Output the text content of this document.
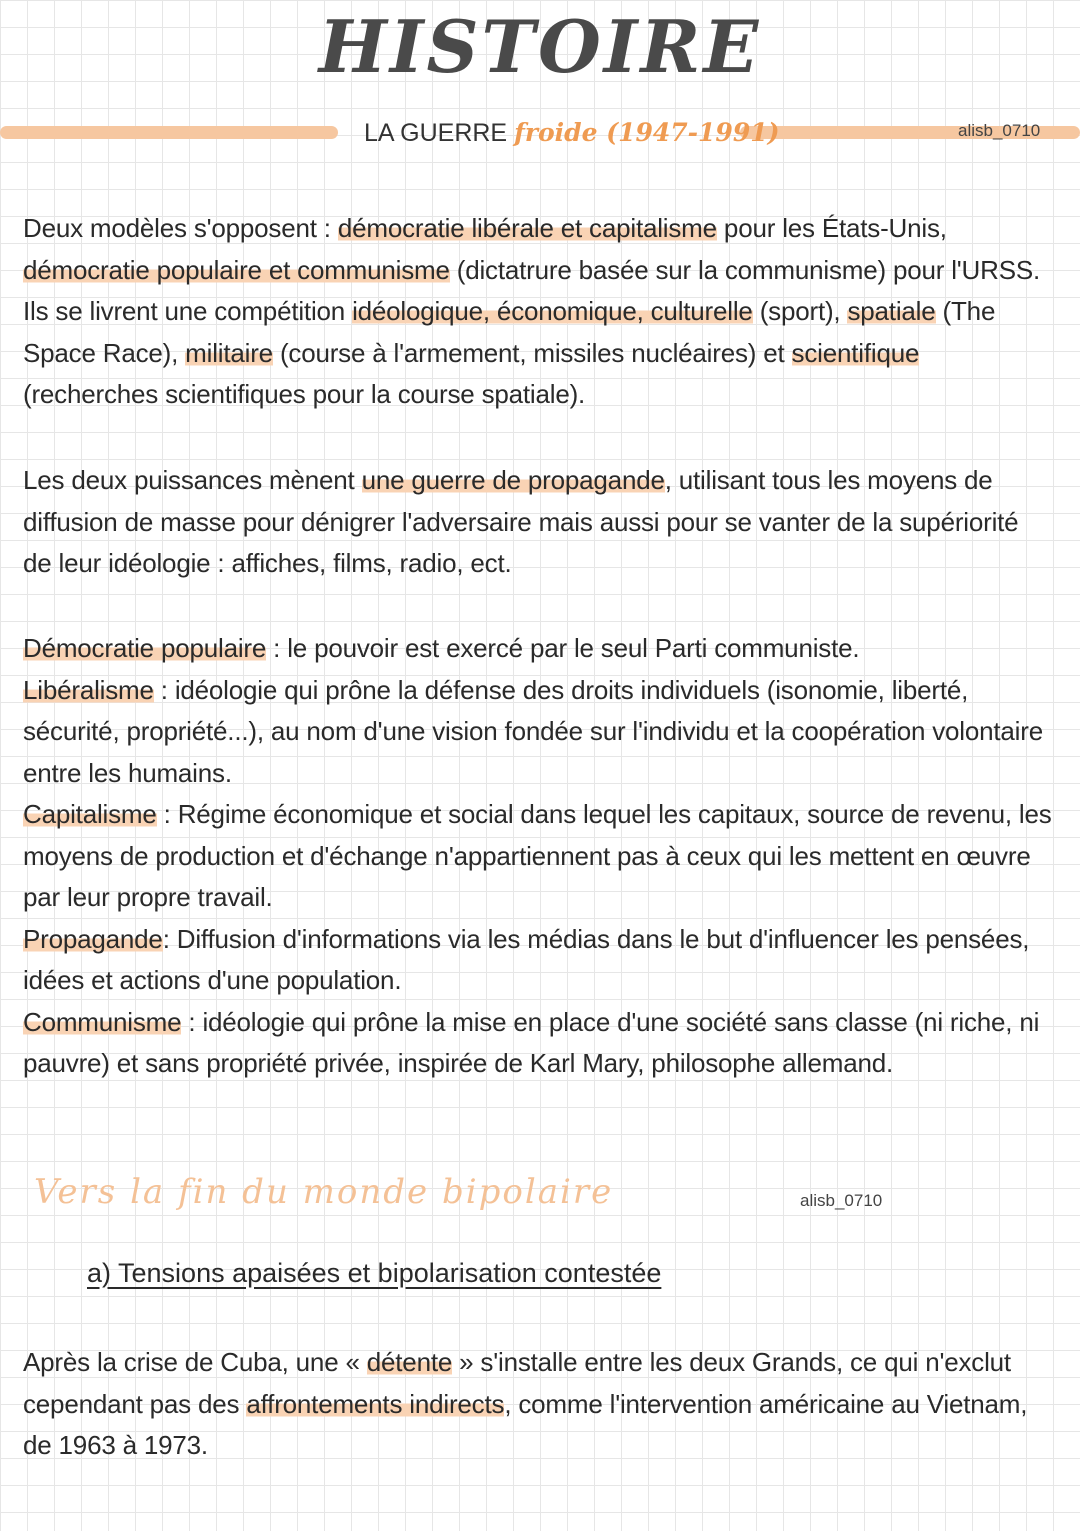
HISTOIRE
LA GUERRE froide (1947-1991)	alisb_0710

Deux modèles s'opposent : démocratie libérale et capitalisme pour les États-Unis, démocratie populaire et communisme (dictatrure basée sur la communisme) pour l'URSS. Ils se livrent une compétition idéologique, économique, culturelle (sport), spatiale (The Space Race), militaire (course à l'armement, missiles nucléaires) et scientifique (recherches scientifiques pour la course spatiale).

Les deux puissances mènent une guerre de propagande, utilisant tous les moyens de diffusion de masse pour dénigrer l'adversaire mais aussi pour se vanter de la supériorité de leur idéologie : affiches, films, radio, ect.

Démocratie populaire : le pouvoir est exercé par le seul Parti communiste.
Libéralisme : idéologie qui prône la défense des droits individuels (isonomie, liberté, sécurité, propriété...), au nom d'une vision fondée sur l'individu et la coopération volontaire entre les humains.
Capitalisme : Régime économique et social dans lequel les capitaux, source de revenu, les moyens de production et d'échange n'appartiennent pas à ceux qui les mettent en œuvre par leur propre travail.
Propagande: Diffusion d'informations via les médias dans le but d'influencer les pensées, idées et actions d'une population.
Communisme : idéologie qui prône la mise en place d'une société sans classe (ni riche, ni pauvre) et sans propriété privée, inspirée de Karl Mary, philosophe allemand.
Vers la fin du monde bipolaire	alisb_0710
a) Tensions apaisées et bipolarisation contestée

Après la crise de Cuba, une « détente » s'installe entre les deux Grands, ce qui n'exclut cependant pas des affrontements indirects, comme l'intervention américaine au Vietnam, de 1963 à 1973.
